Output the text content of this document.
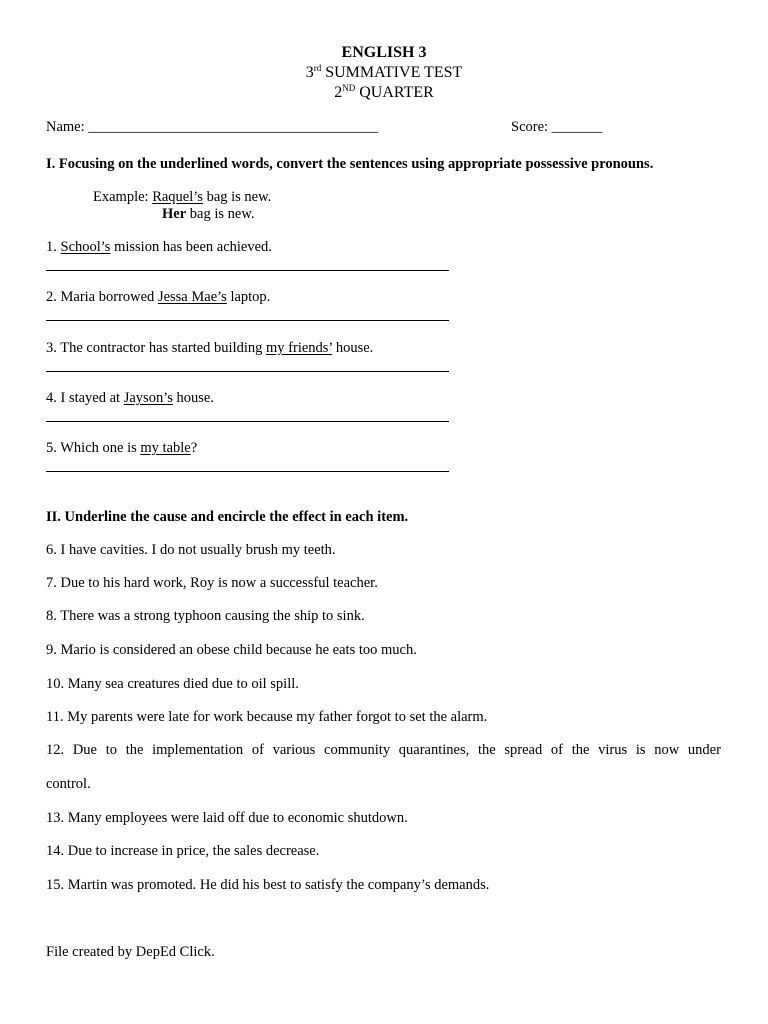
ENGLISH 3
3rd SUMMATIVE TEST
2ND QUARTER
Name: ________________________________________	Score: _______
I. Focusing on the underlined words, convert the sentences using appropriate possessive pronouns.
Example: Raquel’s bag is new.
Her bag is new.
1. School’s mission has been achieved.
2. Maria borrowed Jessa Mae’s laptop.
3. The contractor has started building my friends’ house.
4. I stayed at Jayson’s house.
5. Which one is my table?
II. Underline the cause and encircle the effect in each item.
6. I have cavities. I do not usually brush my teeth.
7. Due to his hard work, Roy is now a successful teacher.
8. There was a strong typhoon causing the ship to sink.
9. Mario is considered an obese child because he eats too much.
10. Many sea creatures died due to oil spill.
11. My parents were late for work because my father forgot to set the alarm.
12. Due to the implementation of various community quarantines, the spread of the virus is now under
control.
13. Many employees were laid off due to economic shutdown.
14. Due to increase in price, the sales decrease.
15. Martin was promoted. He did his best to satisfy the company’s demands.
File created by DepEd Click.
